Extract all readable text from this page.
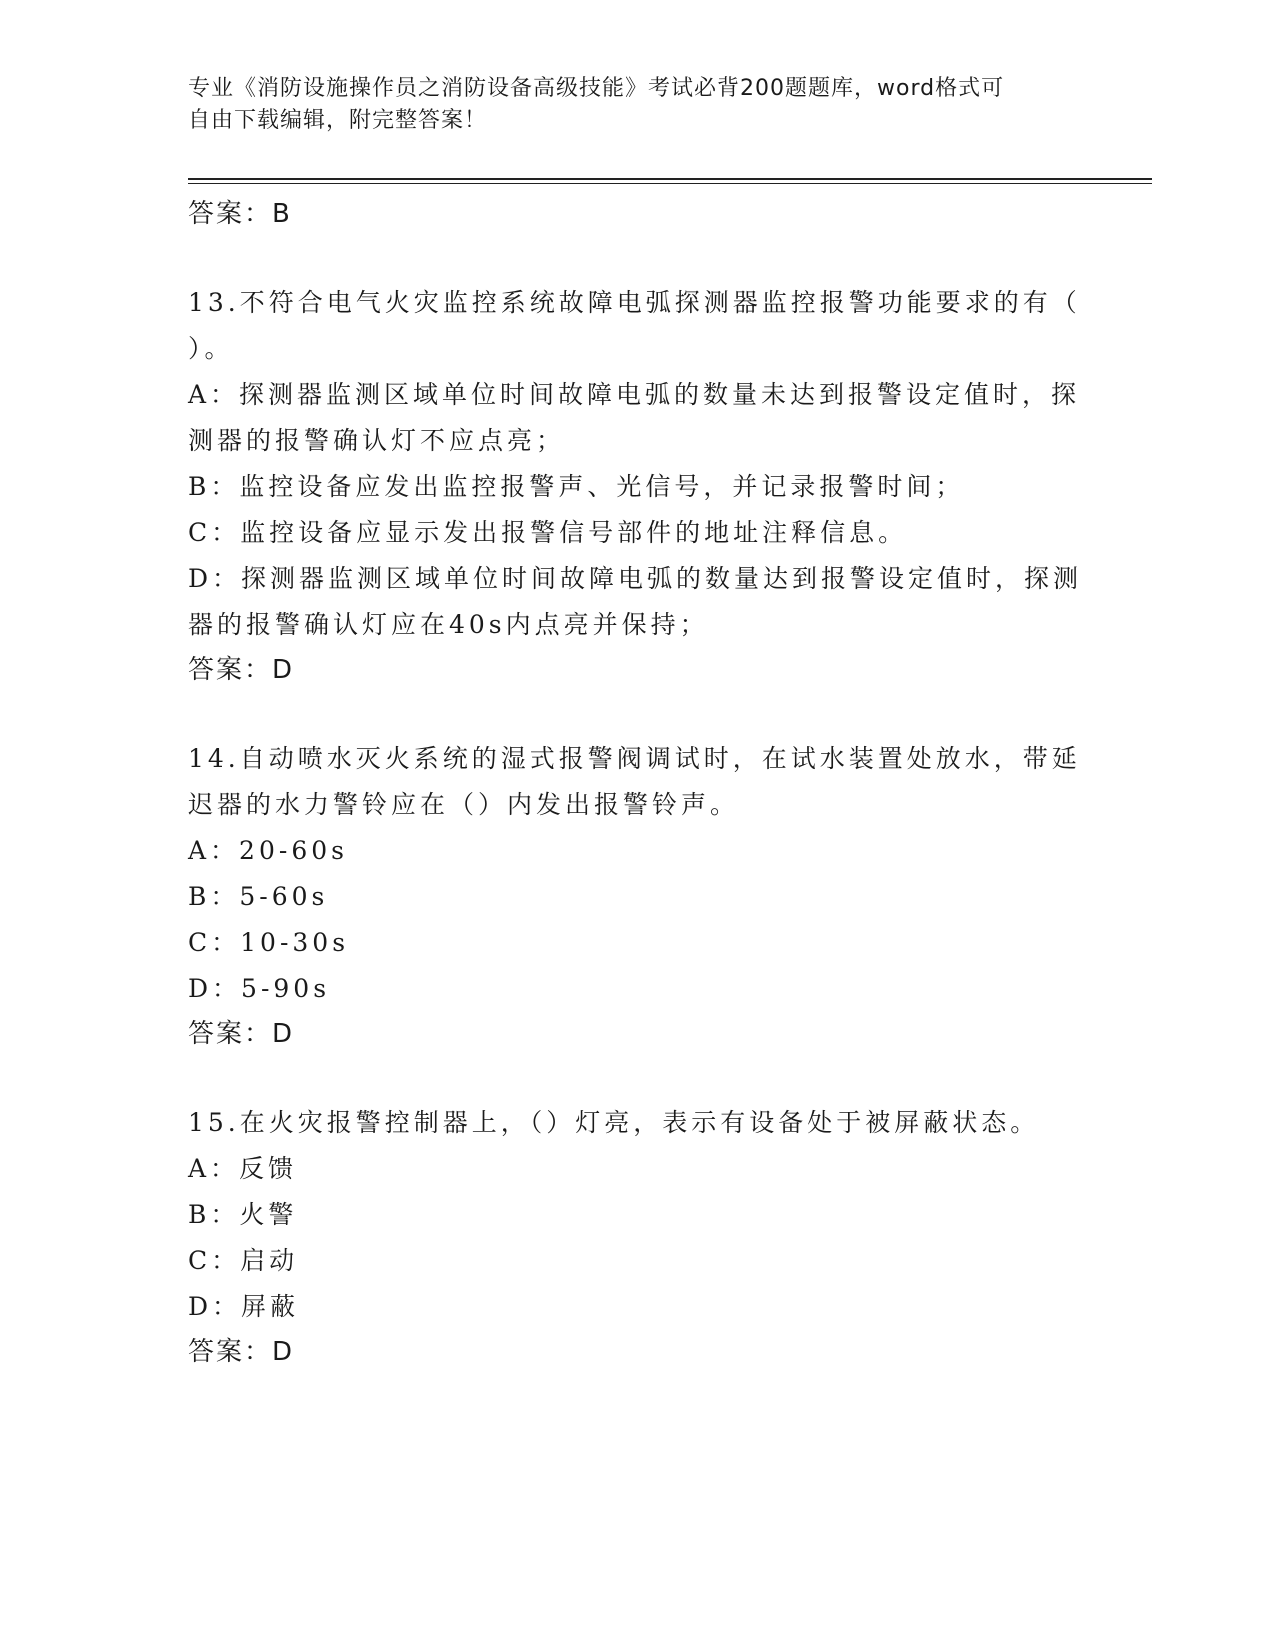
专业《消防设施操作员之消防设备高级技能》考试必背200题题库，word格式可
自由下载编辑，附完整答案！
答案：B
13.不符合电气火灾监控系统故障电弧探测器监控报警功能要求的有（
）。
A：探测器监测区域单位时间故障电弧的数量未达到报警设定值时，探
测器的报警确认灯不应点亮；
B：监控设备应发出监控报警声、光信号，并记录报警时间；
C：监控设备应显示发出报警信号部件的地址注释信息。
D：探测器监测区域单位时间故障电弧的数量达到报警设定值时，探测
器的报警确认灯应在40s内点亮并保持；
答案：D
14.自动喷水灭火系统的湿式报警阀调试时，在试水装置处放水，带延
迟器的水力警铃应在（）内发出报警铃声。
A：20-60s
B：5-60s
C：10-30s
D：5-90s
答案：D
15.在火灾报警控制器上，（）灯亮，表示有设备处于被屏蔽状态。
A：反馈
B：火警
C：启动
D：屏蔽
答案：D
